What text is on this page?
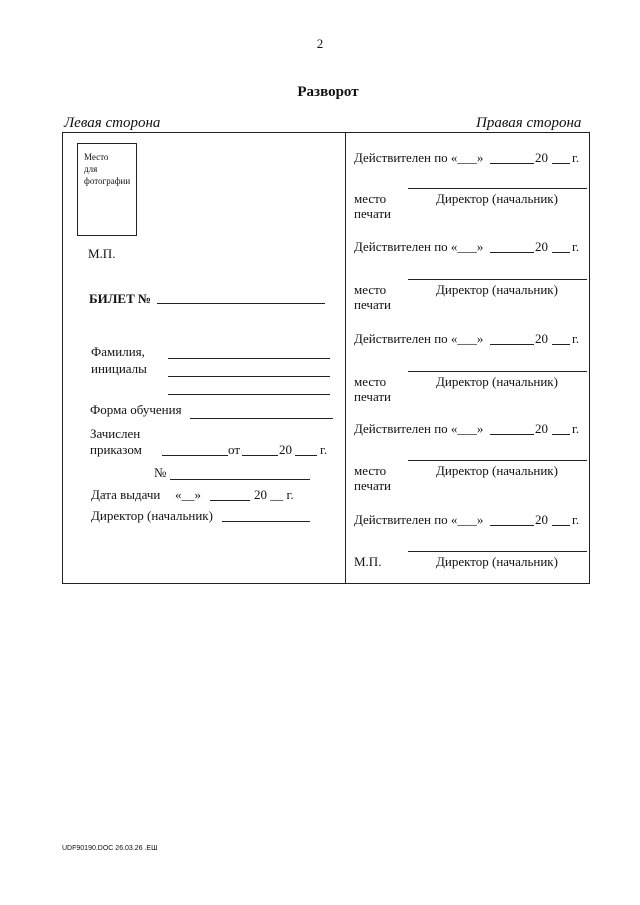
2
Разворот
Левая сторона	Правая сторона
Место
для
фотографии
М.П.
БИЛЕТ №
Фамилия,
инициалы
Форма обучения
Зачислен
приказом	от	20 г.
№
Дата выдачи «__»	20 __ г.
Директор (начальник)
Действителен по «___»	20 г.
место
печати
Директор (начальник)
Действителен по «___»	20 г.
место
печати
Директор (начальник)
Действителен по «___»	20 г.
место
печати
Директор (начальник)
Действителен по «___»	20 г.
место
печати
Директор (начальник)
Действителен по «___»	20 г.
М.П.	Директор (начальник)
UDF90190.DOC 26.03.26 .ЕШ
